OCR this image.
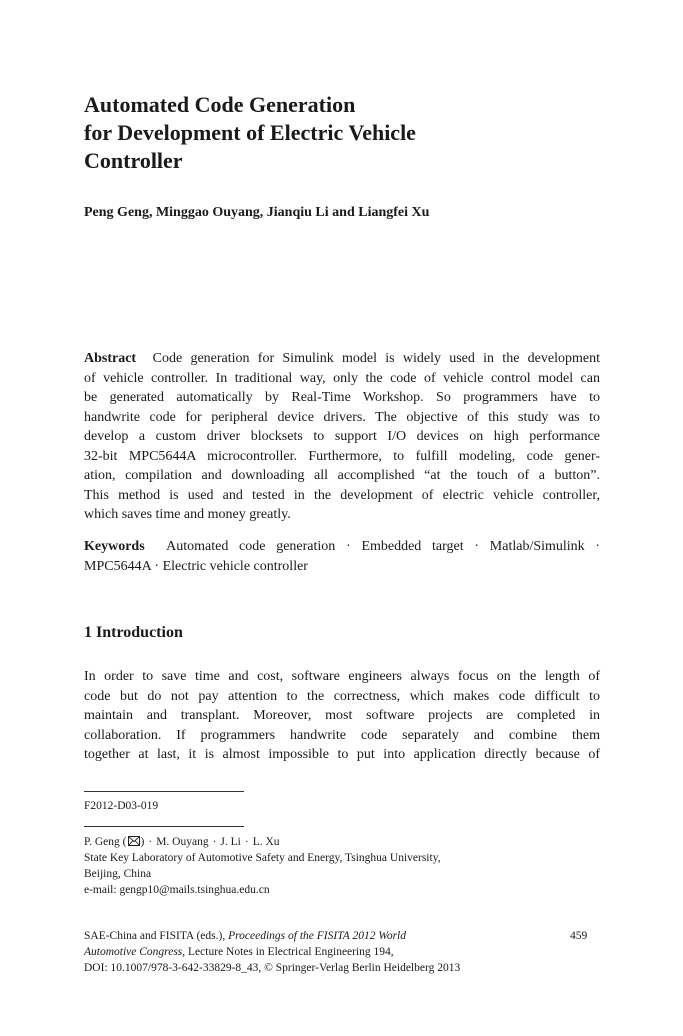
Automated Code Generation
for Development of Electric Vehicle
Controller
Peng Geng, Minggao Ouyang, Jianqiu Li and Liangfei Xu
Abstract Code generation for Simulink model is widely used in the development
of vehicle controller. In traditional way, only the code of vehicle control model can
be generated automatically by Real-Time Workshop. So programmers have to
handwrite code for peripheral device drivers. The objective of this study was to
develop a custom driver blocksets to support I/O devices on high performance
32-bit MPC5644A microcontroller. Furthermore, to fulfill modeling, code gener-
ation, compilation and downloading all accomplished “at the touch of a button”.
This method is used and tested in the development of electric vehicle controller,
which saves time and money greatly.
Keywords Automated code generation · Embedded target · Matlab/Simulink ·
MPC5644A · Electric vehicle controller
1 Introduction
In order to save time and cost, software engineers always focus on the length of
code but do not pay attention to the correctness, which makes code difficult to
maintain and transplant. Moreover, most software projects are completed in
collaboration. If programmers handwrite code separately and combine them
together at last, it is almost impossible to put into application directly because of
F2012-D03-019
P. Geng ( ) · M. Ouyang · J. Li · L. Xu
State Key Laboratory of Automotive Safety and Energy, Tsinghua University,
Beijing, China
e-mail: gengp10@mails.tsinghua.edu.cn
SAE-China and FISITA (eds.), Proceedings of the FISITA 2012 World
Automotive Congress, Lecture Notes in Electrical Engineering 194,
DOI: 10.1007/978-3-642-33829-8_43, © Springer-Verlag Berlin Heidelberg 2013
459
